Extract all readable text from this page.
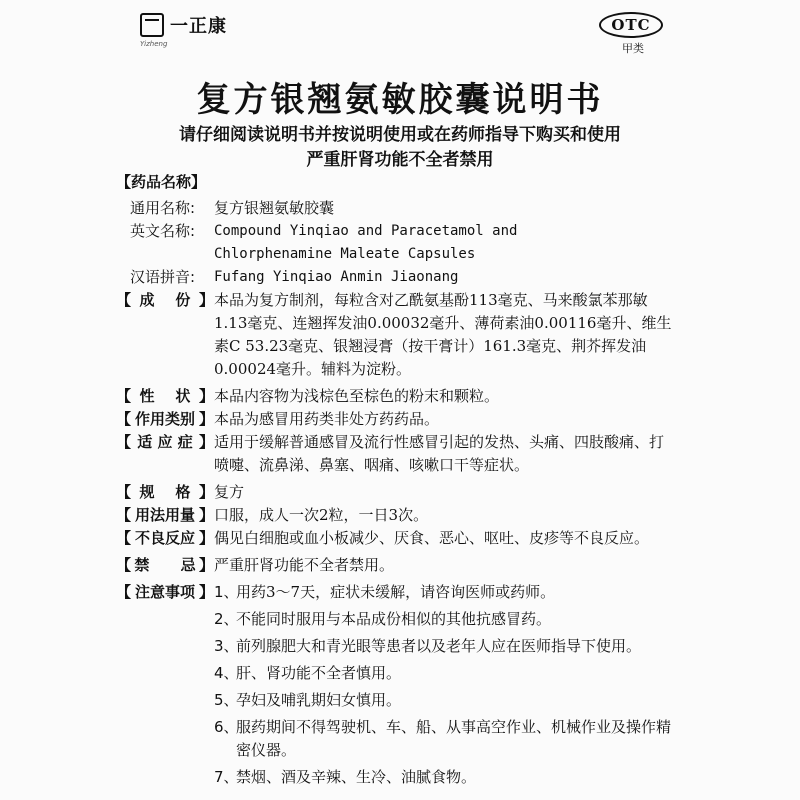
一正康
Yizheng
OTC
甲类
复方银翘氨敏胶囊说明书
请仔细阅读说明书并按说明使用或在药师指导下购买和使用
严重肝肾功能不全者禁用
【 药品名称 】
通用名称:	复方银翘氨敏胶囊
英文名称:	Compound Yinqiao and Paracetamol and
Chlorphenamine Maleate Capsules
汉语拼音:	Fufang Yinqiao Anmin Jiaonang
【 成    份 】 本品为复方制剂，每粒含对乙酰氨基酚113毫克、马来酸氯苯那敏1.13毫克、连翘挥发油0.00032毫升、薄荷素油0.00116毫升、维生素C 53.23毫克、银翘浸膏（按干膏计）161.3毫克、荆芥挥发油0.00024毫升。辅料为淀粉。
【 性    状 】 本品内容物为浅棕色至棕色的粉末和颗粒。
【 作用类别 】 本品为感冒用药类非处方药药品。
【 适 应 症 】 适用于缓解普通感冒及流行性感冒引起的发热、头痛、四肢酸痛、打喷嚏、流鼻涕、鼻塞、咽痛、咳嗽口干等症状。
【 规    格 】 复方
【 用法用量 】 口服，成人一次2粒，一日3次。
【 不良反应 】 偶见白细胞或血小板减少、厌食、恶心、呕吐、皮疹等不良反应。
【 禁      忌 】 严重肝肾功能不全者禁用。
【 注意事项 】 1、
用药3～7天，症状未缓解，请咨询医师或药师。
2、
不能同时服用与本品成份相似的其他抗感冒药。
3、
前列腺肥大和青光眼等患者以及老年人应在医师指导下使用。
4、
肝、肾功能不全者慎用。
5、
孕妇及哺乳期妇女慎用。
6、
服药期间不得驾驶机、车、船、从事高空作业、机械作业及操作精密仪器。
7、
禁烟、酒及辛辣、生冷、油腻食物。
